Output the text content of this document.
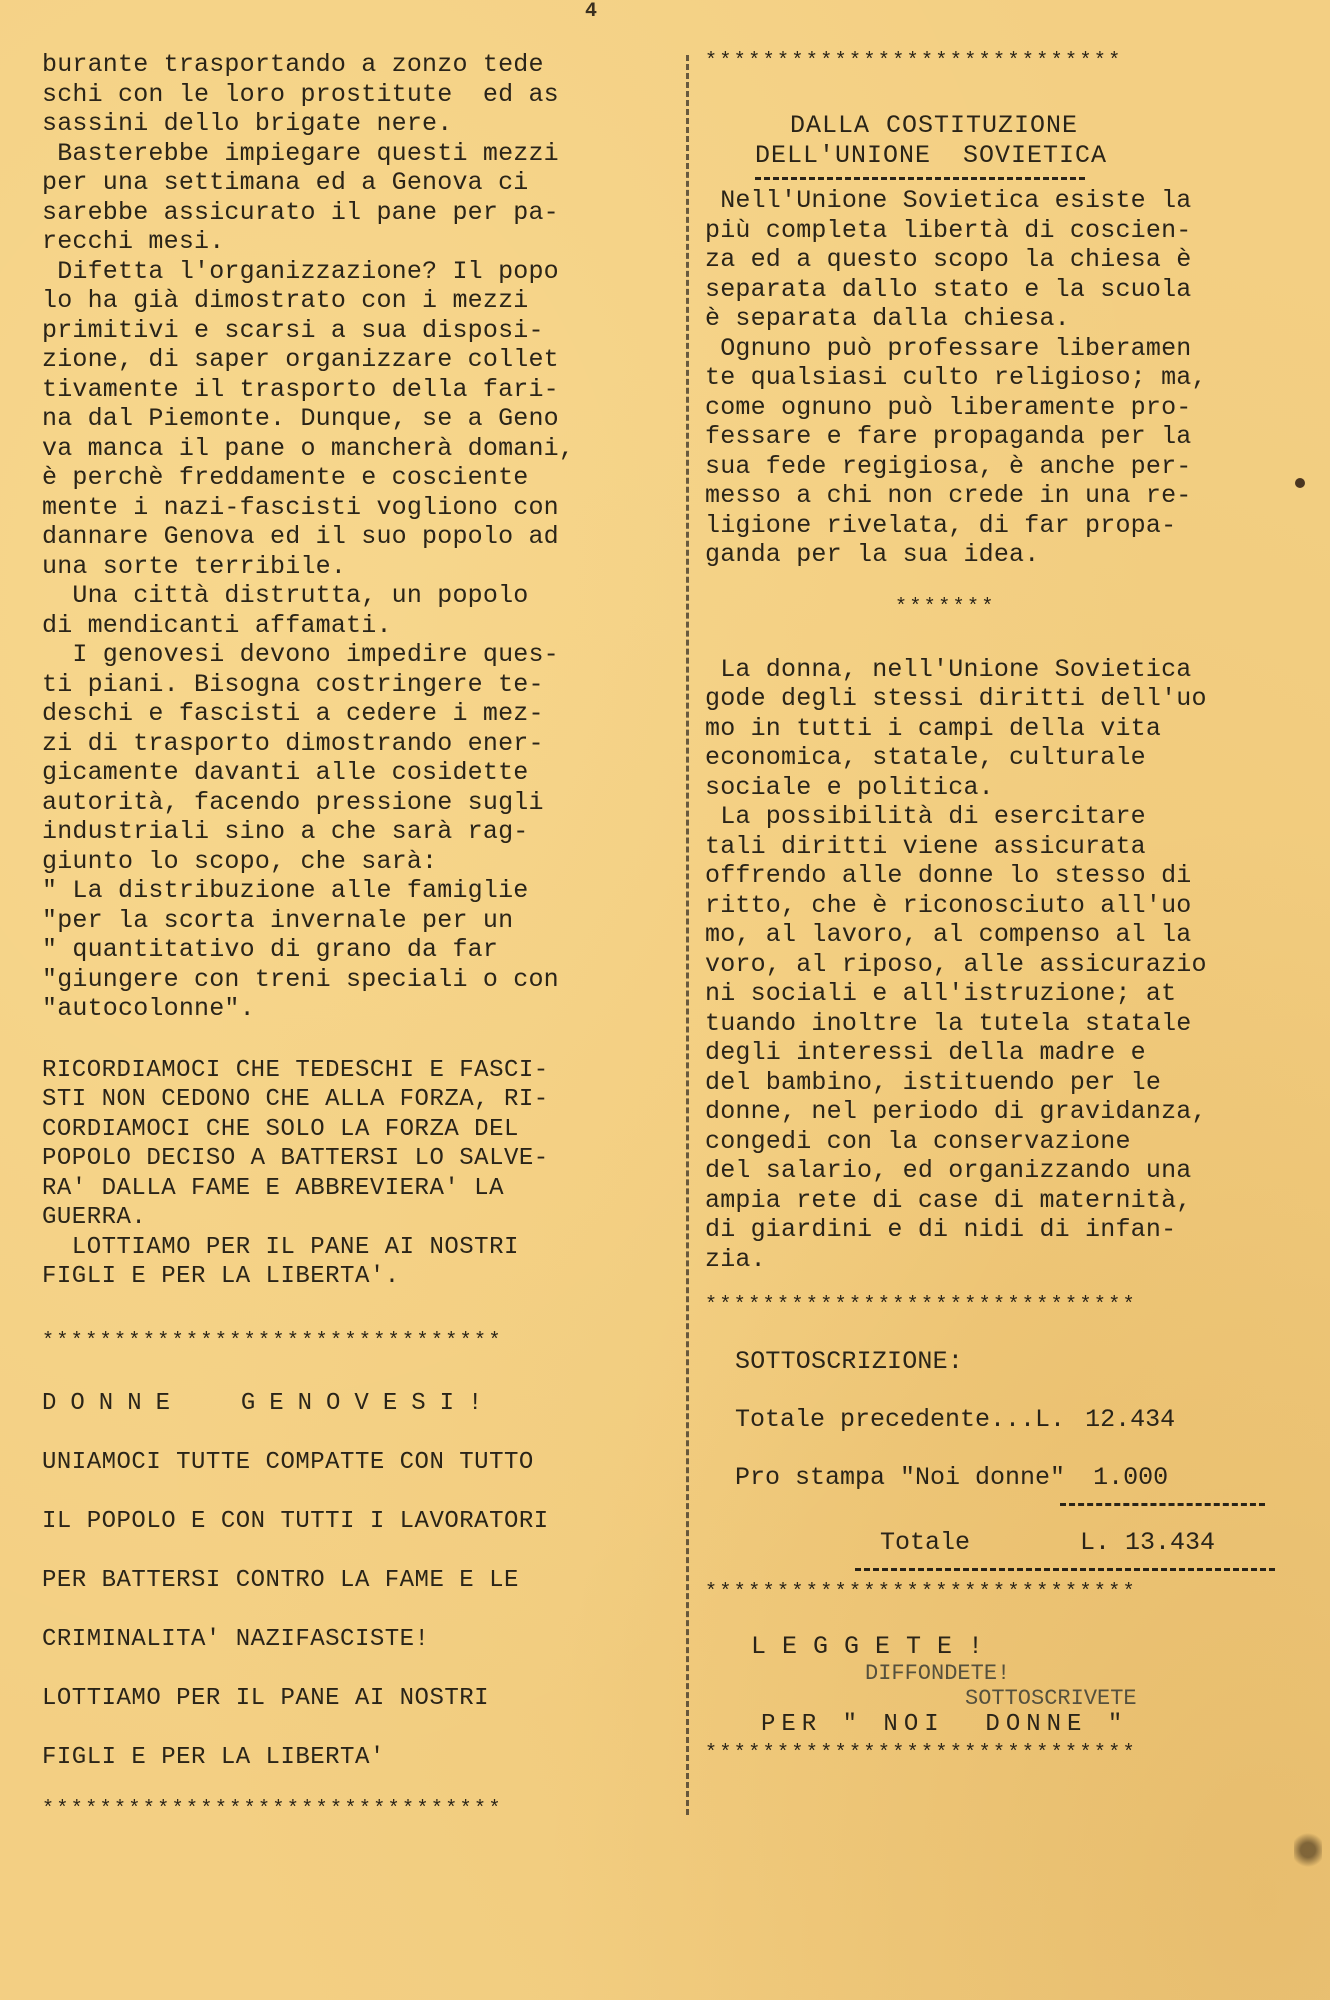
4

burante trasportando a zonzo tede

schi con le loro prostitute  ed as

sassini dello brigate nere.

Basterebbe impiegare questi mezzi

per una settimana ed a Genova ci

sarebbe assicurato il pane per pa-

recchi mesi.

Difetta l'organizzazione? Il popo

lo ha già dimostrato con i mezzi

primitivi e scarsi a sua disposi-

zione, di saper organizzare collet

tivamente il trasporto della fari-

na dal Piemonte. Dunque, se a Geno

va manca il pane o mancherà domani,

è perchè freddamente e cosciente

mente i nazi-fascisti vogliono con

dannare Genova ed il suo popolo ad

una sorte terribile.

Una città distrutta, un popolo

di mendicanti affamati.

I genovesi devono impedire ques-

ti piani. Bisogna costringere te-

deschi e fascisti a cedere i mez-

zi di trasporto dimostrando ener-

gicamente davanti alle cosidette

autorità, facendo pressione sugli

industriali sino a che sarà rag-

giunto lo scopo, che sarà:

" La distribuzione alle famiglie

"per la scorta invernale per un

" quantitativo di grano da far

"giungere con treni speciali o con

"autocolonne".

RICORDIAMOCI CHE TEDESCHI E FASCI-

STI NON CEDONO CHE ALLA FORZA, RI-

CORDIAMOCI CHE SOLO LA FORZA DEL

POPOLO DECISO A BATTERSI LO SALVE-

RA' DALLA FAME E ABBREVIERA' LA

GUERRA.

LOTTIAMO PER IL PANE AI NOSTRI

FIGLI E PER LA LIBERTA'.

********************************

DONNE  GENOVESI!

UNIAMOCI TUTTE COMPATTE CON TUTTO

IL POPOLO E CON TUTTI I LAVORATORI

PER BATTERSI CONTRO LA FAME E LE

CRIMINALITA' NAZIFASCISTE!

LOTTIAMO PER IL PANE AI NOSTRI

FIGLI E PER LA LIBERTA'

********************************

*****************************

DALLA COSTITUZIONE

DELL'UNIONE  SOVIETICA

Nell'Unione Sovietica esiste la

più completa libertà di coscien-

za ed a questo scopo la chiesa è

separata dallo stato e la scuola

è separata dalla chiesa.

Ognuno può professare liberamen

te qualsiasi culto religioso; ma,

come ognuno può liberamente pro-

fessare e fare propaganda per la

sua fede regigiosa, è anche per-

messo a chi non crede in una re-

ligione rivelata, di far propa-

ganda per la sua idea.

*******

La donna, nell'Unione Sovietica

gode degli stessi diritti dell'uo

mo in tutti i campi della vita

economica, statale, culturale

sociale e politica.

La possibilità di esercitare

tali diritti viene assicurata

offrendo alle donne lo stesso di

ritto, che è riconosciuto all'uo

mo, al lavoro, al compenso al la

voro, al riposo, alle assicurazio

ni sociali e all'istruzione; at

tuando inoltre la tutela statale

degli interessi della madre e

del bambino, istituendo per le

donne, nel periodo di gravidanza,

congedi con la conservazione

del salario, ed organizzando una

ampia rete di case di maternità,

di giardini e di nidi di infan-

zia.

******************************

SOTTOSCRIZIONE:

Totale precedente...L. 12.434
Pro stampa "Noi donne" 1.000
Totale	L. 13.434

******************************

LEGGETE!

DIFFONDETE!

SOTTOSCRIVETE

PER " NOI  DONNE "

******************************
